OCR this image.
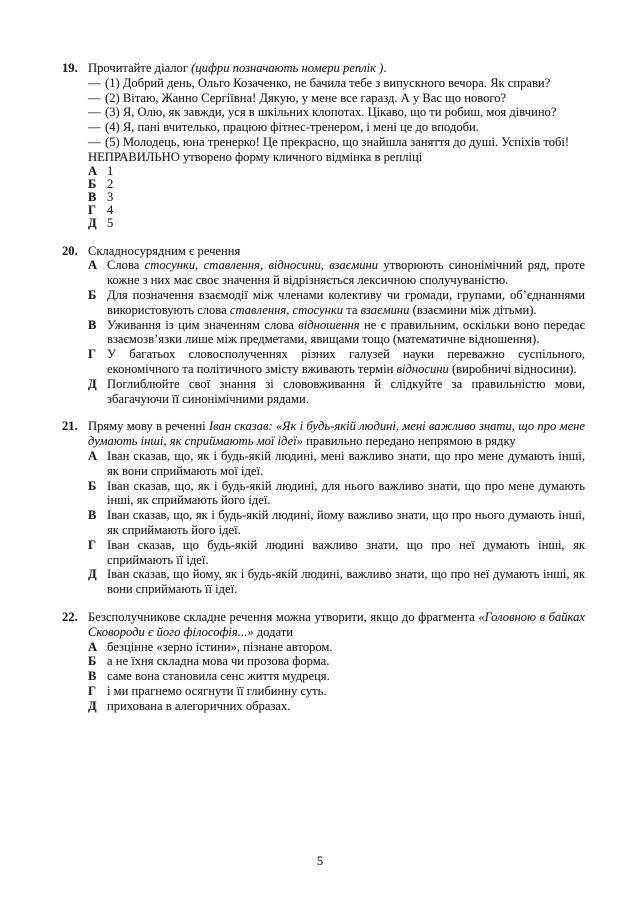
19. Прочитайте діалог (цифри позначають номери реплік ).
— (1) Добрий день, Ольго Козаченко, не бачила тебе з випускного вечора. Як справи?
— (2) Вітаю, Жанно Сергіївна! Дякую, у мене все гаразд. А у Вас що нового?
— (3) Я, Олю, як завжди, уся в шкільних клопотах. Цікаво, що ти робиш, моя дівчино?
— (4) Я, пані вчителько, працюю фітнес-тренером, і мені це до вподоби.
— (5) Молодець, юна тренерко! Це прекрасно, що знайшла заняття до душі. Успіхів тобі!
НЕПРАВИЛЬНО утворено форму кличного відмінка в репліці
А 1
Б 2
В 3
Г 4
Д 5
20. Складносурядним є речення
А Слова стосунки, ставлення, відносини, взаємини утворюють синонімічний ряд, проте кожне з них має своє значення й відрізняється лексичною сполучуваністю.
Б Для позначення взаємодії між членами колективу чи громади, групами, об’єднаннями використовують слова ставлення, стосунки та взаємини (взаємини між дітьми).
В Уживання із цим значенням слова відношення не є правильним, оскільки воно передає взаємозв’язки лише між предметами, явищами тощо (математичне відношення).
Г У багатьох словосполученнях різних галузей науки переважно суспільного, економічного та політичного змісту вживають термін відносини (виробничі відносини).
Д Поглиблюйте свої знання зі слововживання й слідкуйте за правильністю мови, збагачуючи її синонімічними рядами.
21. Пряму мову в реченні Іван сказав: «Як і будь-якій людині, мені важливо знати, що про мене думають інші, як сприймають мої ідеї» правильно передано непрямою в рядку
А Іван сказав, що, як і будь-якій людині, мені важливо знати, що про мене думають інші, як вони сприймають мої ідеї.
Б Іван сказав, що, як і будь-якій людині, для нього важливо знати, що про мене думають інші, як сприймають його ідеї.
В Іван сказав, що, як і будь-якій людині, йому важливо знати, що про нього думають інші, як сприймають його ідеї.
Г Іван сказав, що будь-якій людині важливо знати, що про неї думають інші, як сприймають її ідеї.
Д Іван сказав, що йому, як і будь-якій людині, важливо знати, що про неї думають інші, як вони сприймають її ідеї.
22. Безсполучникове складне речення можна утворити, якщо до фрагмента «Головною в байках Сковороди є його філософія...» додати
А безцінне «зерно істини», пізнане автором.
Б а не їхня складна мова чи прозова форма.
В саме вона становила сенс життя мудреця.
Г і ми прагнемо осягнути її глибинну суть.
Д прихована в алегоричних образах.
5
